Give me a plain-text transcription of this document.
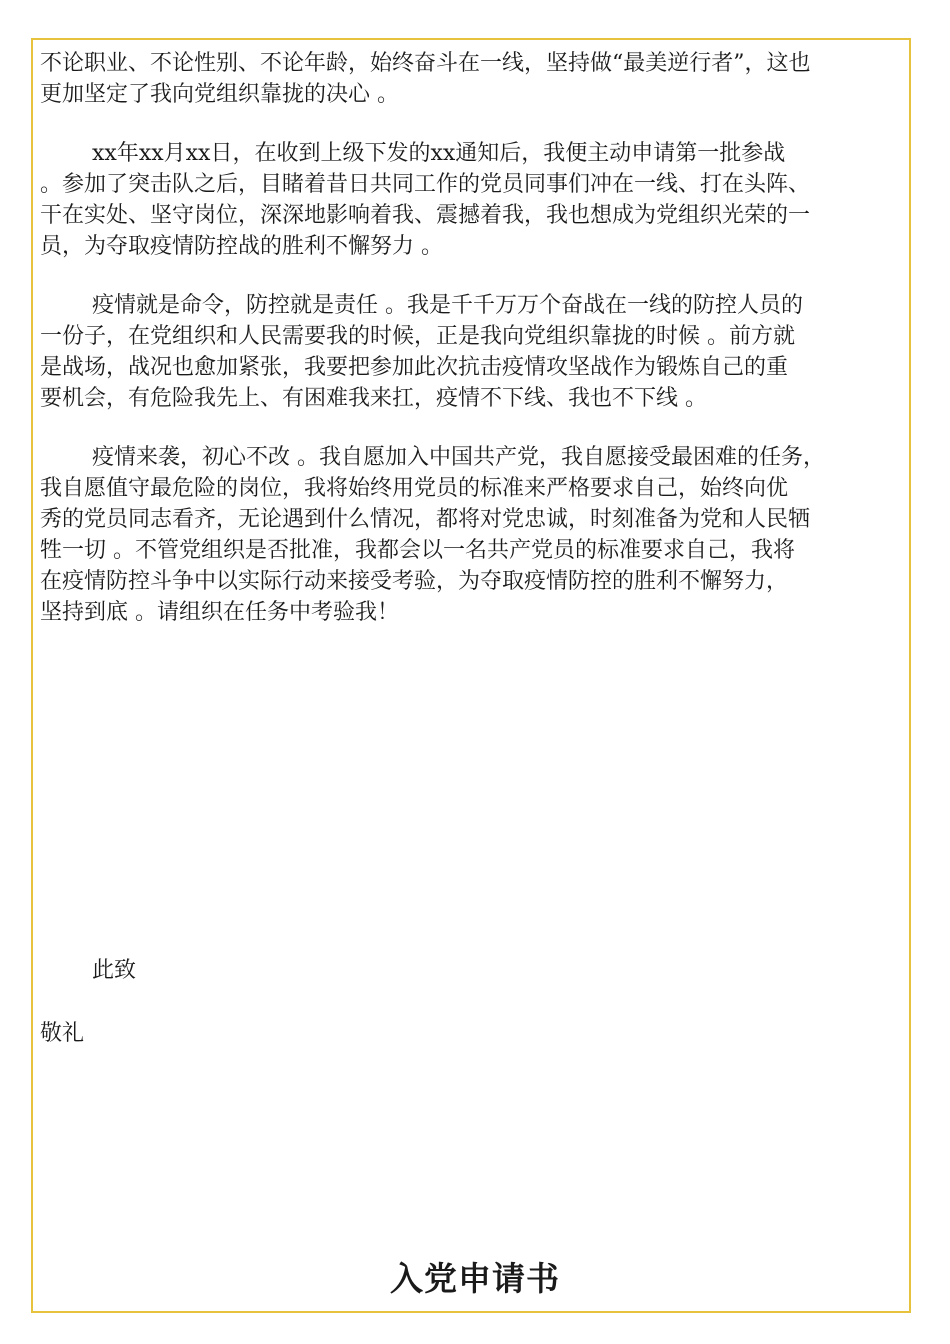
不论职业、不论性别、不论年龄，始终奋斗在一线，坚持做“最美逆行者”，这也

更加坚定了我向党组织靠拢的决心 。

xx年xx月xx日，在收到上级下发的xx通知后，我便主动申请第一批参战

。参加了突击队之后，目睹着昔日共同工作的党员同事们冲在一线、打在头阵、

干在实处、坚守岗位，深深地影响着我、震撼着我，我也想成为党组织光荣的一

员，为夺取疫情防控战的胜利不懈努力 。

疫情就是命令，防控就是责任 。我是千千万万个奋战在一线的防控人员的

一份子，在党组织和人民需要我的时候，正是我向党组织靠拢的时候 。前方就

是战场，战况也愈加紧张，我要把参加此次抗击疫情攻坚战作为锻炼自己的重

要机会，有危险我先上、有困难我来扛，疫情不下线、我也不下线 。

疫情来袭，初心不改 。我自愿加入中国共产党，我自愿接受最困难的任务，

我自愿值守最危险的岗位，我将始终用党员的标准来严格要求自己，始终向优

秀的党员同志看齐，无论遇到什么情况，都将对党忠诚，时刻准备为党和人民牺

牲一切 。不管党组织是否批准，我都会以一名共产党员的标准要求自己，我将

在疫情防控斗争中以实际行动来接受考验，为夺取疫情防控的胜利不懈努力，

坚持到底 。请组织在任务中考验我！

此致
敬礼
入党申请书
